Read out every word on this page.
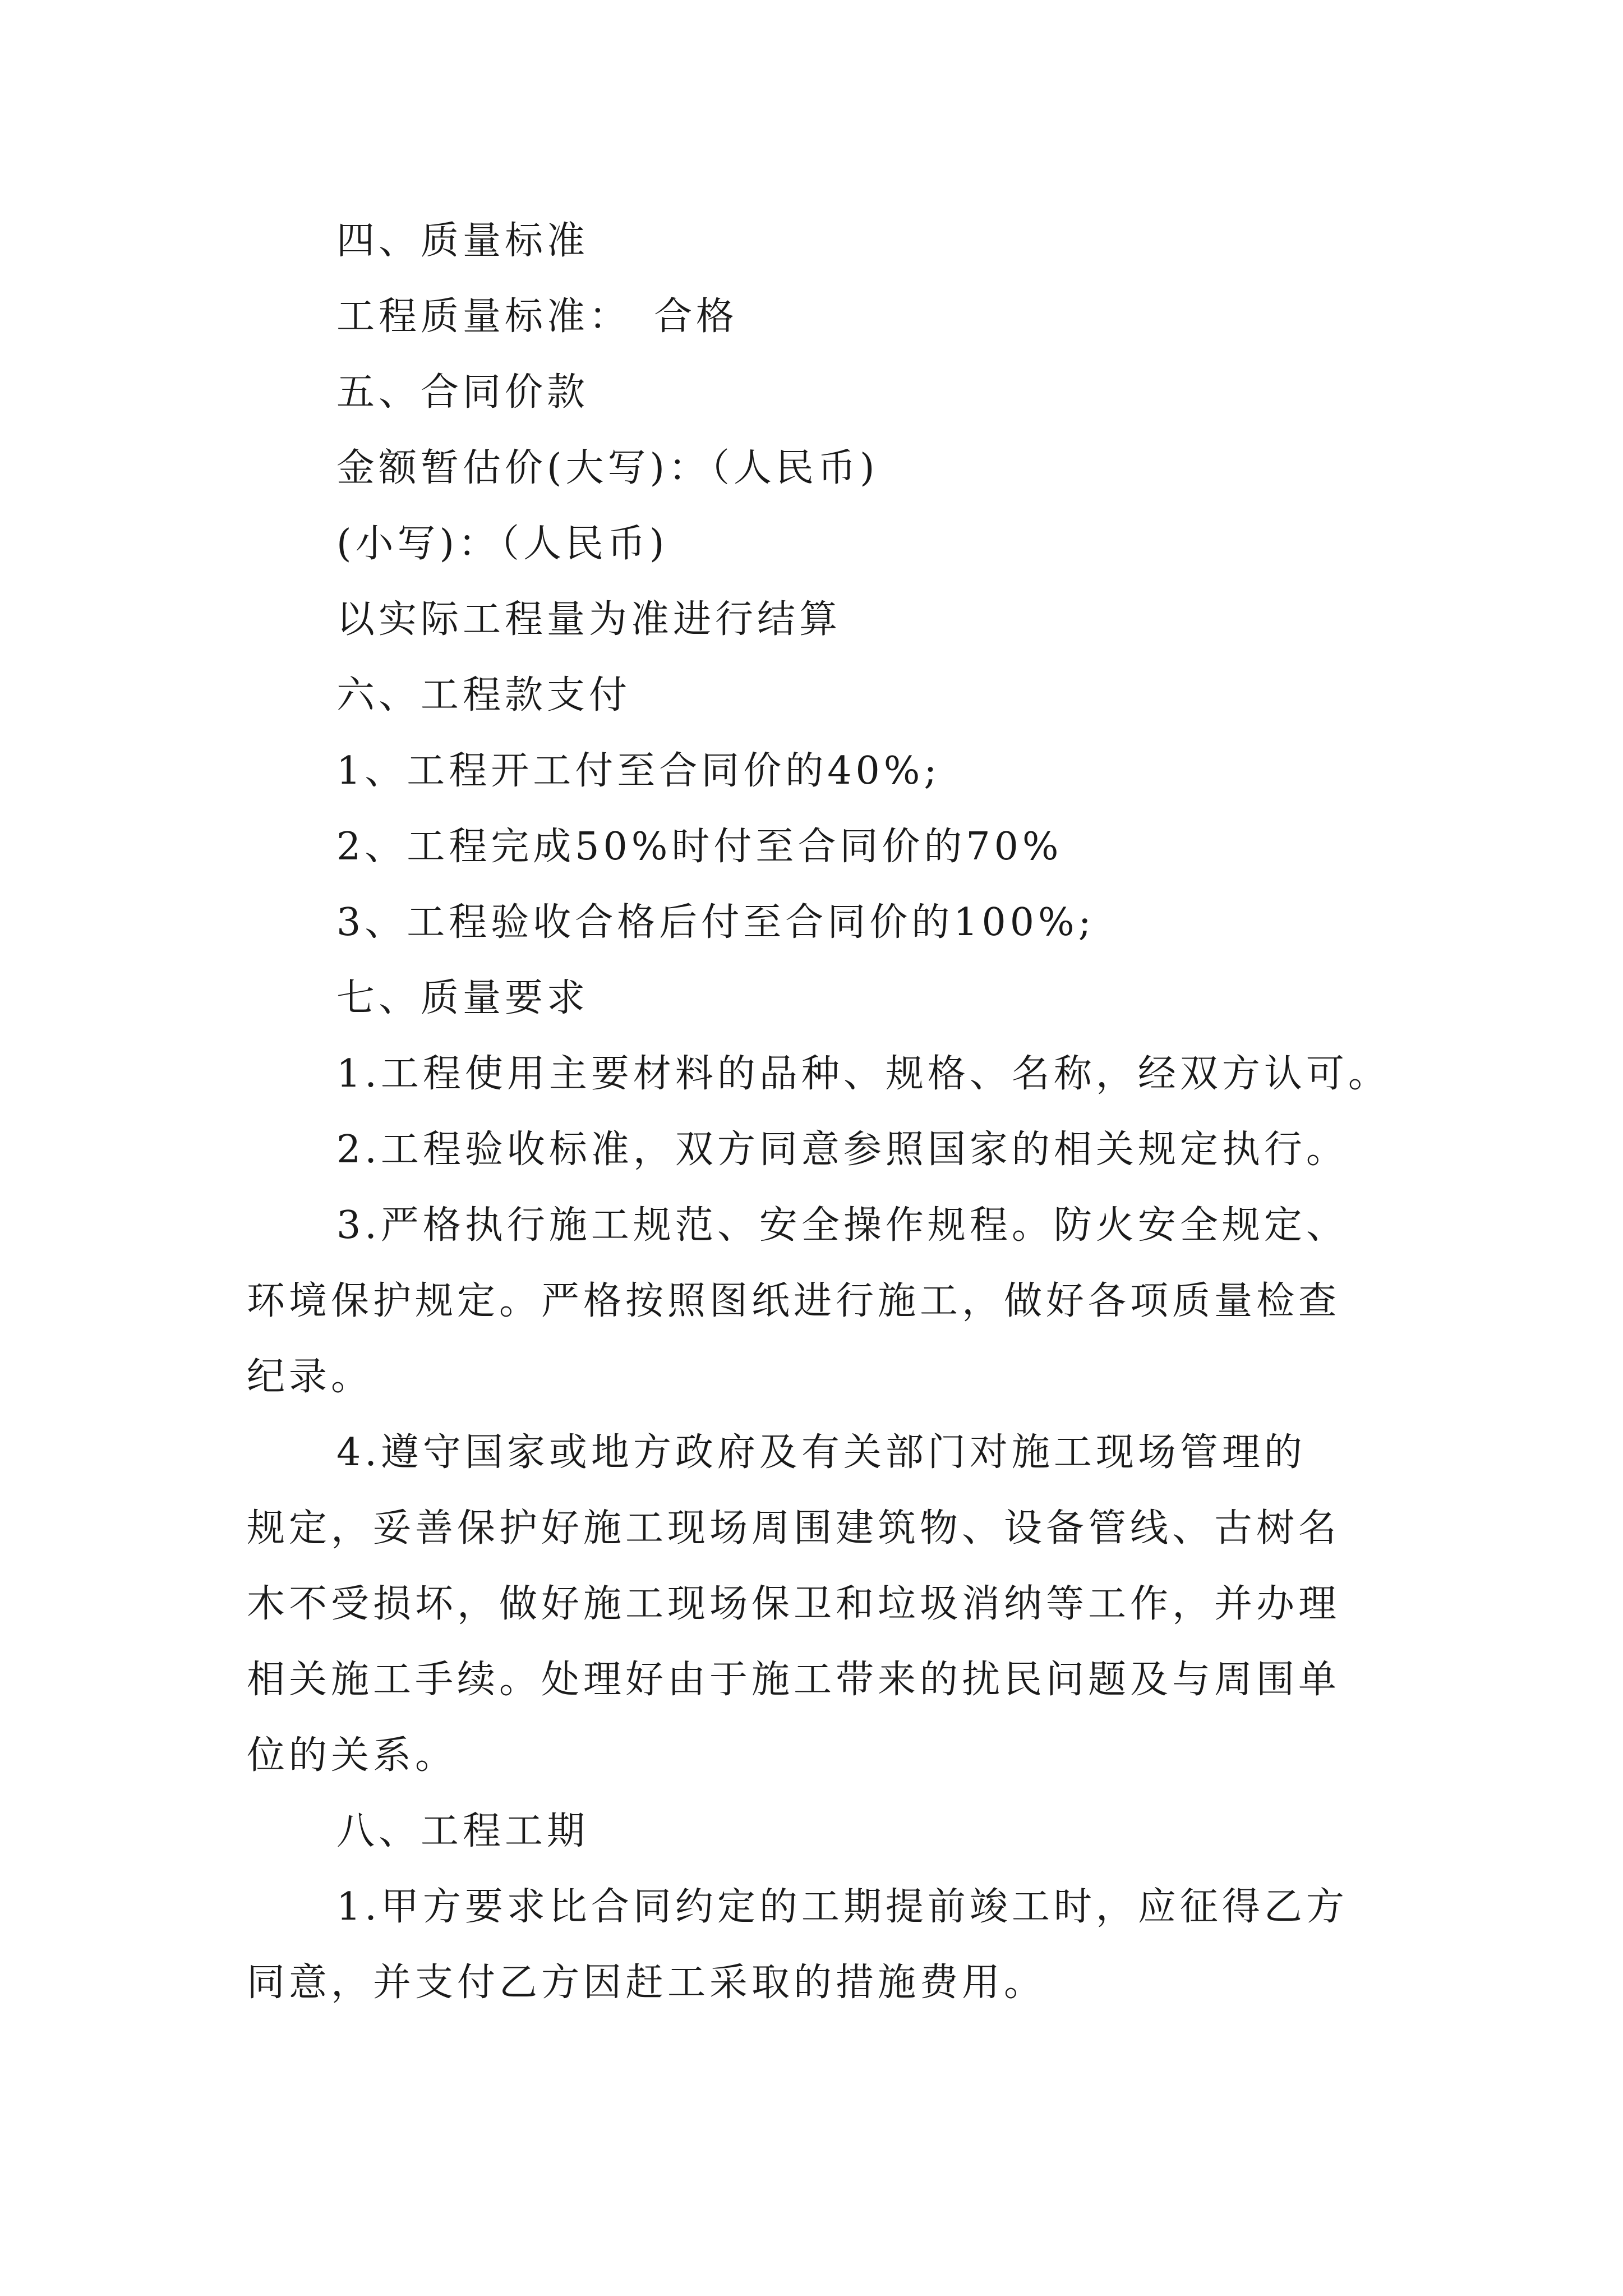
四、质量标准
工程质量标准：　合格
五、合同价款
金额暂估价(大写)：（人民币)
(小写)：（人民币)
以实际工程量为准进行结算
六、工程款支付
1、工程开工付至合同价的40%;
2、工程完成50%时付至合同价的70%
3、工程验收合格后付至合同价的100%;
七、质量要求
1.工程使用主要材料的品种、规格、名称，经双方认可。
2.工程验收标准，双方同意参照国家的相关规定执行。
3.严格执行施工规范、安全操作规程。防火安全规定、
环境保护规定。严格按照图纸进行施工，做好各项质量检查
纪录。
4.遵守国家或地方政府及有关部门对施工现场管理的
规定，妥善保护好施工现场周围建筑物、设备管线、古树名
木不受损坏，做好施工现场保卫和垃圾消纳等工作，并办理
相关施工手续。处理好由于施工带来的扰民问题及与周围单
位的关系。
八、工程工期
1.甲方要求比合同约定的工期提前竣工时，应征得乙方
同意，并支付乙方因赶工采取的措施费用。
